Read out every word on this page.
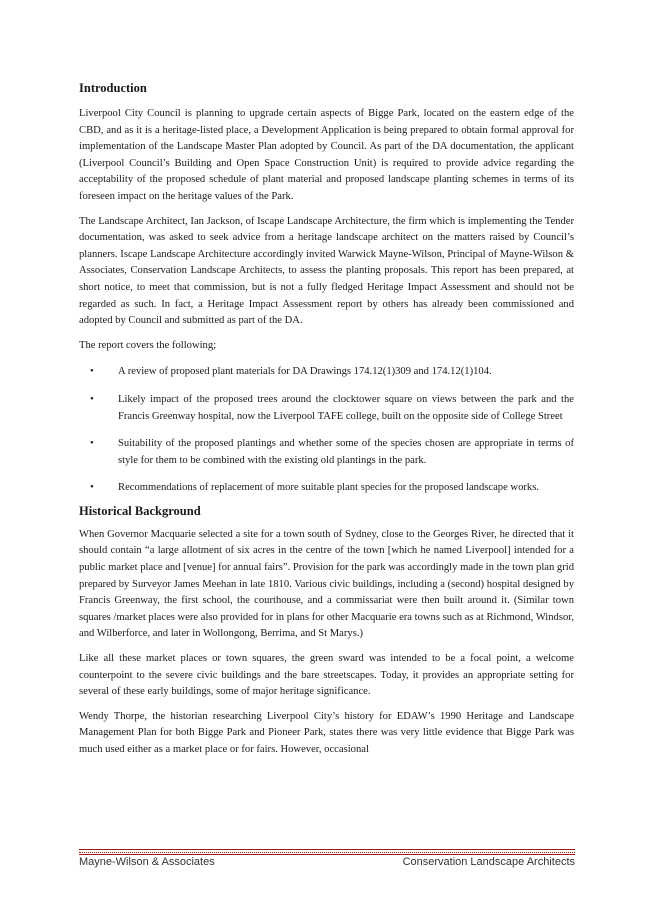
Introduction

Liverpool City Council is planning to upgrade certain aspects of Bigge Park, located on the eastern edge of the CBD, and as it is a heritage-listed place, a Development Application is being prepared to obtain formal approval for implementation of the Landscape Master Plan adopted by Council. As part of the DA documentation, the applicant (Liverpool Council’s Building and Open Space Construction Unit) is required to provide advice regarding the acceptability of the proposed schedule of plant material and proposed landscape planting schemes in terms of its foreseen impact on the heritage values of the Park.

The Landscape Architect, Ian Jackson, of Iscape Landscape Architecture, the firm which is implementing the Tender documentation, was asked to seek advice from a heritage landscape architect on the matters raised by Council’s planners. Iscape Landscape Architecture accordingly invited Warwick Mayne-Wilson, Principal of Mayne-Wilson & Associates, Conservation Landscape Architects, to assess the planting proposals. This report has been prepared, at short notice, to meet that commission, but is not a fully fledged Heritage Impact Assessment and should not be regarded as such. In fact, a Heritage Impact Assessment report by others has already been commissioned and adopted by Council and submitted as part of the DA.

The report covers the following;

• A review of proposed plant materials for DA Drawings 174.12(1)309 and 174.12(1)104.
• Likely impact of the proposed trees around the clocktower square on views between the park and the Francis Greenway hospital, now the Liverpool TAFE college, built on the opposite side of College Street
• Suitability of the proposed plantings and whether some of the species chosen are appropriate in terms of style for them to be combined with the existing old plantings in the park.
• Recommendations of replacement of more suitable plant species for the proposed landscape works.
Historical Background

When Governor Macquarie selected a site for a town south of Sydney, close to the Georges River, he directed that it should contain “a large allotment of six acres in the centre of the town [which he named Liverpool] intended for a public market place and [venue] for annual fairs”. Provision for the park was accordingly made in the town plan grid prepared by Surveyor James Meehan in late 1810. Various civic buildings, including a (second) hospital designed by Francis Greenway, the first school, the courthouse, and a commissariat were then built around it. (Similar town squares /market places were also provided for in plans for other Macquarie era towns such as at Richmond, Windsor, and Wilberforce, and later in Wollongong, Berrima, and St Marys.)

Like all these market places or town squares, the green sward was intended to be a focal point, a welcome counterpoint to the severe civic buildings and the bare streetscapes. Today, it provides an appropriate setting for several of these early buildings, some of major heritage significance.

Wendy Thorpe, the historian researching Liverpool City’s history for EDAW’s 1990 Heritage and Landscape Management Plan for both Bigge Park and Pioneer Park, states there was very little evidence that Bigge Park was much used either as a market place or for fairs. However, occasional

Mayne-Wilson & Associates	Conservation Landscape Architects
